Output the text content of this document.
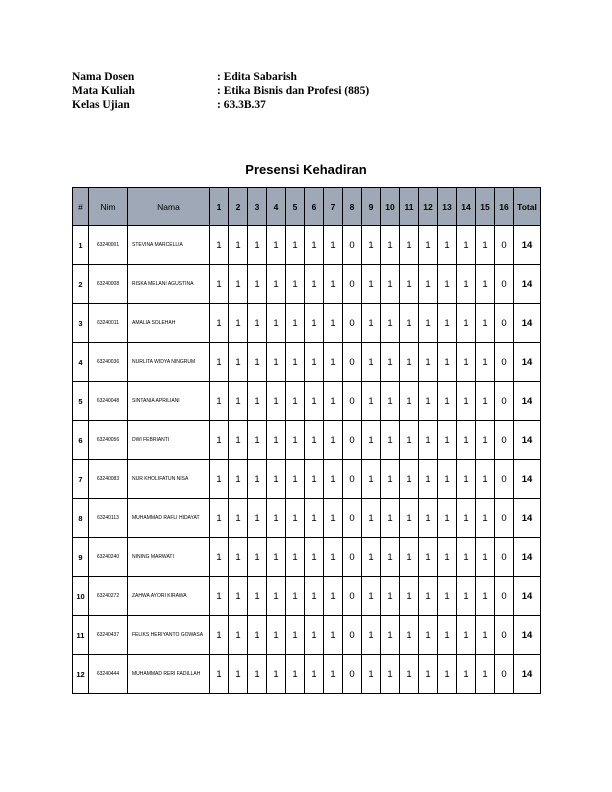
Nama Dosen	: Edita Sabarish
Mata Kuliah	: Etika Bisnis dan Profesi (885)
Kelas Ujian	: 63.3B.37
Presensi Kehadiran
#	Nim	Nama	1	2	3	4	5	6	7	8	9	10	11	12	13	14	15	16	Total
1	63240001	STEVINA MARCELLIA	1	1	1	1	1	1	1	0	1	1	1	1	1	1	1	0	14
2	63240008	RISKA MELANI AGUSTINA	1	1	1	1	1	1	1	0	1	1	1	1	1	1	1	0	14
3	63240011	AMALIA SOLEHAH	1	1	1	1	1	1	1	0	1	1	1	1	1	1	1	0	14
4	63240036	NURLITA WIDYA NINGRUM	1	1	1	1	1	1	1	0	1	1	1	1	1	1	1	0	14
5	63240048	SINTANIA APRILIANI	1	1	1	1	1	1	1	0	1	1	1	1	1	1	1	0	14
6	63240056	DWI FEBRIANTI	1	1	1	1	1	1	1	0	1	1	1	1	1	1	1	0	14
7	63240083	NUR KHOLIFATUN NISA	1	1	1	1	1	1	1	0	1	1	1	1	1	1	1	0	14
8	63240113	MUHAMMAD RAFLI HIDAYAT	1	1	1	1	1	1	1	0	1	1	1	1	1	1	1	0	14
9	63240240	NINING MARWATI	1	1	1	1	1	1	1	0	1	1	1	1	1	1	1	0	14
10	63240272	ZAHWA AYORI KIRAWA	1	1	1	1	1	1	1	0	1	1	1	1	1	1	1	0	14
11	63240437	FELIKS HERIYANTO GOWASA	1	1	1	1	1	1	1	0	1	1	1	1	1	1	1	0	14
12	63240444	MUHAMMAD RERI FADILLAH	1	1	1	1	1	1	1	0	1	1	1	1	1	1	1	0	14
